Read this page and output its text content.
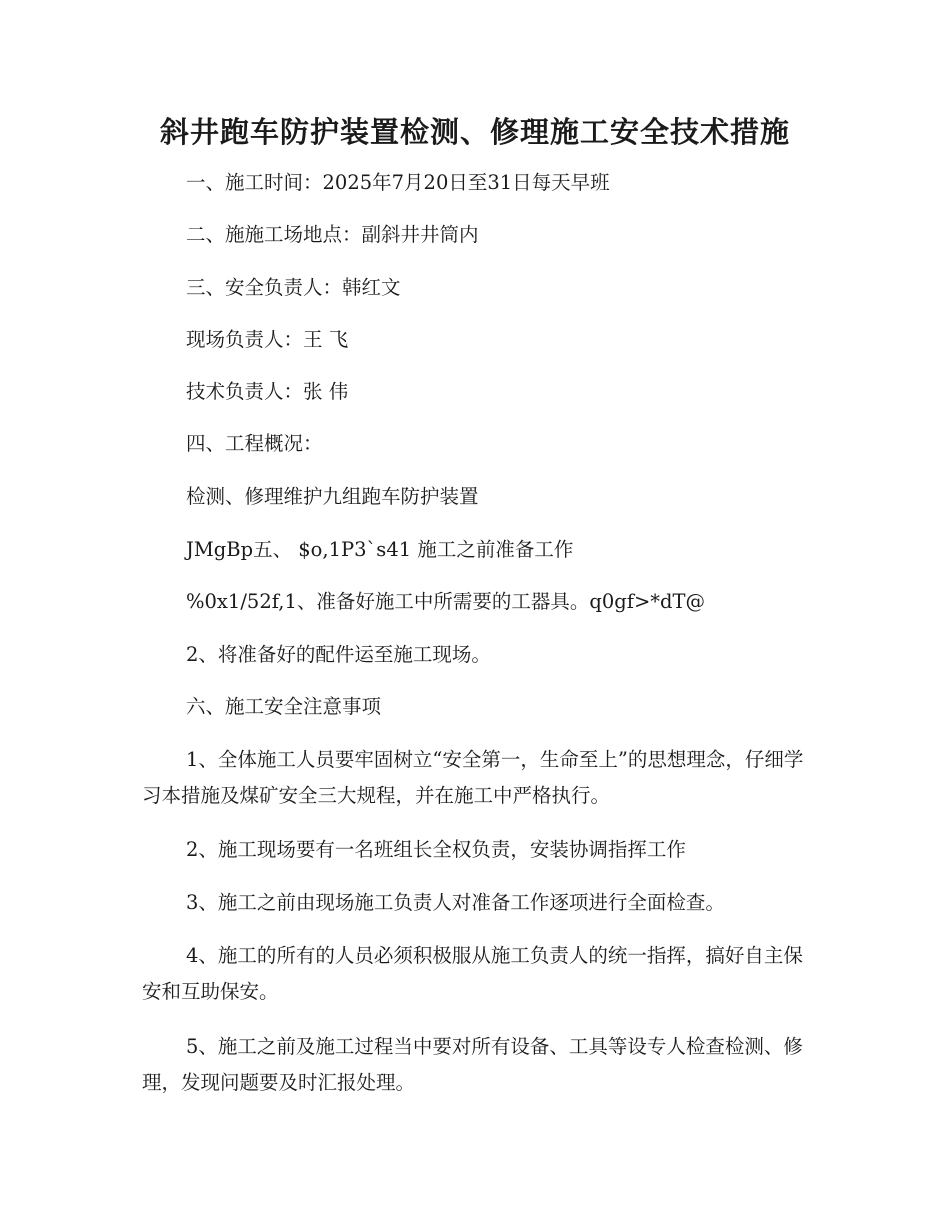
斜井跑车防护装置检测、修理施工安全技术措施

一、施工时间：2025年7月20日至31日每天早班

二、施施工场地点：副斜井井筒内

三、安全负责人：韩红文

现场负责人：王 飞

技术负责人：张 伟

四、工程概况：

检测、修理维护九组跑车防护装置

JMgBp五、 $o,1P3`s41 施工之前准备工作

%0x1/52f,1、准备好施工中所需要的工器具。q0gf>*dT@

2、将准备好的配件运至施工现场。

六、施工安全注意事项

1、全体施工人员要牢固树立“安全第一，生命至上”的思想理念，仔细学习本措施及煤矿安全三大规程，并在施工中严格执行。

2、施工现场要有一名班组长全权负责，安装协调指挥工作

3、施工之前由现场施工负责人对准备工作逐项进行全面检查。

4、施工的所有的人员必须积极服从施工负责人的统一指挥，搞好自主保安和互助保安。

5、施工之前及施工过程当中要对所有设备、工具等设专人检查检测、修理，发现问题要及时汇报处理。
